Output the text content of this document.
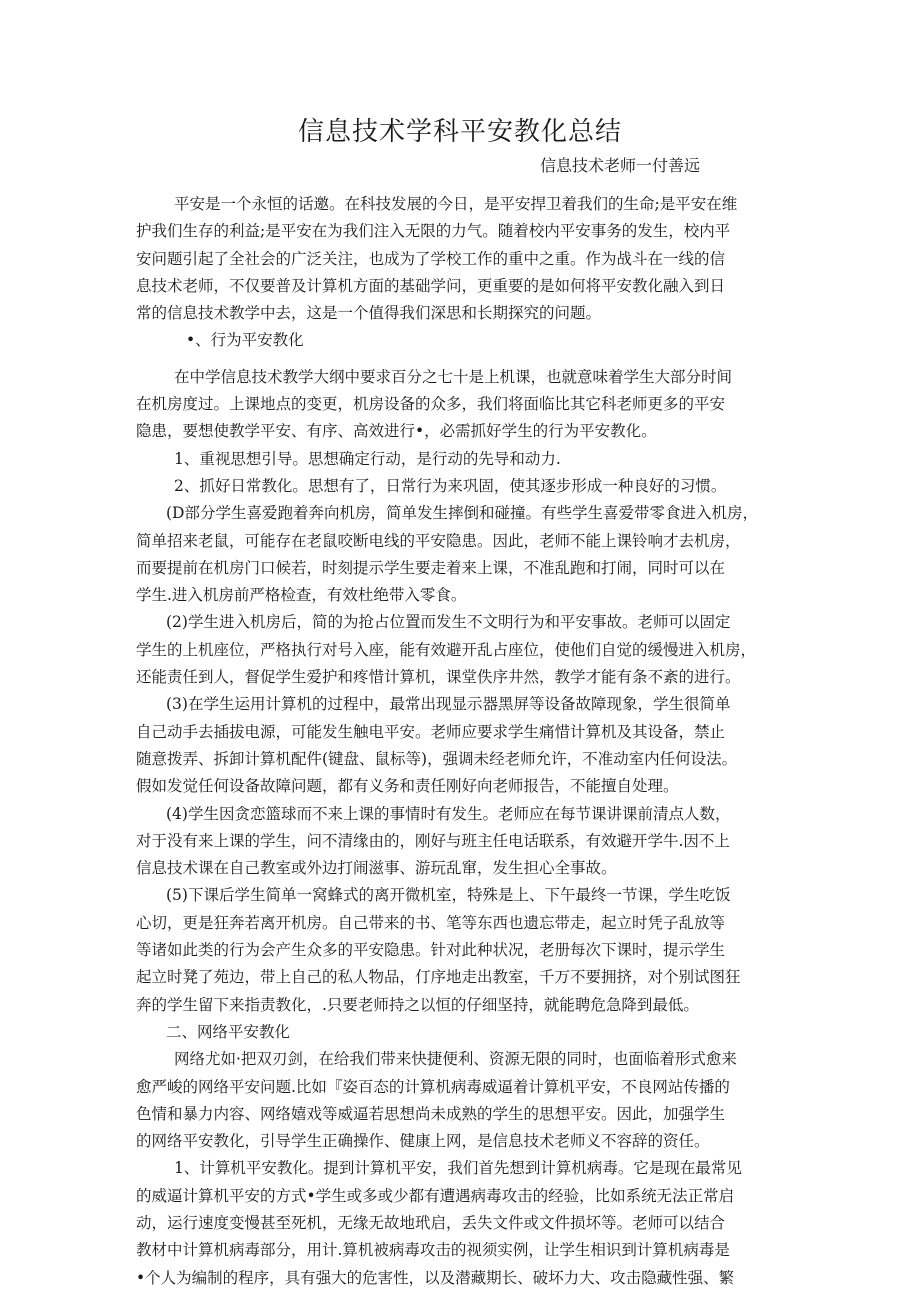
信息技术学科平安教化总结
信息技术老师一付善远
平安是一个永恒的话邀。在科技发展的今日，是平安捍卫着我们的生命;是平安在维
护我们生存的利益;是平安在为我们注入无限的力气。随着校内平安事务的发生，校内平
安问题引起了全社会的广泛关注，也成为了学校工作的重中之重。作为战斗在一线的信
息技术老师，不仅要普及计算机方面的基础学问，更重要的是如何将平安教化融入到日
常的信息技术教学中去，这是一个值得我们深思和长期探究的问题。
•、行为平安教化
在中学信息技术教学大纲中要求百分之七十是上机课，也就意味着学生大部分时间
在机房度过。上课地点的变更，机房设备的众多，我们将面临比其它科老师更多的平安
隐患，要想使教学平安、有序、高效进行•，必需抓好学生的行为平安教化。
1、重视思想引导。思想确定行动，是行动的先导和动力.
2、抓好日常教化。思想有了，日常行为来巩固，使其逐步形成一种良好的习惯。
(D部分学生喜爱跑着奔向机房，简单发生摔倒和碰撞。有些学生喜爱带零食进入机房，
简单招来老鼠，可能存在老鼠咬断电线的平安隐患。因此，老师不能上课铃响才去机房，
而要提前在机房门口候若，时刻提示学生要走着来上课，不准乱跑和打闹，同时可以在
学生.进入机房前严格检查，有效杜绝带入零食。
(2)学生进入机房后，简的为抢占位置而发生不文明行为和平安事故。老师可以固定
学生的上机座位，严格执行对号入座，能有效避开乱占座位，使他们自觉的缓慢进入机房，
还能责任到人，督促学生爱护和疼惜计算机，课堂佚序井然，教学才能有条不紊的进行。
(3)在学生运用计算机的过程中，最常出现显示器黑屏等设备故障现象，学生很简单
自己动手去插拔电源，可能发生触电平安。老师应要求学生痛惜计算机及其设备，禁止
随意拨弄、拆卸计算机配件(键盘、鼠标等)，强调未经老师允许，不准动室内任何设法。
假如发觉任何设备故障问题，都有义务和责任刚好向老师报告，不能擅自处理。
(4)学生因贪恋篮球而不来上课的事情时有发生。老师应在每节课讲课前清点人数，
对于没有来上课的学生，问不清缘由的，刚好与班主任电话联系，有效避开学牛.因不上
信息技术课在自己教室或外边打闹滋事、游玩乱窜，发生担心全事故。
(5)下课后学生简单一窝蜂式的离开微机室，特殊是上、下午最终一节课，学生吃饭
心切，更是狂奔若离开机房。自己带来的书、笔等东西也遗忘带走，起立时凭子乱放等
等诸如此类的行为会产生众多的平安隐患。针对此种状况，老册每次下课时，提示学生
起立时凳了苑边，带上自己的私人物品，仃序地走出教室，千万不要拥挤，对个别试图狂
奔的学生留下来指责教化，.只要老师持之以恒的仔细坚持，就能聘危急降到最低。
二、网络平安教化
网络尤如·把双刃剑，在给我们带来快捷便利、资源无限的同时，也面临着形式愈来
愈严峻的网络平安问题.比如『姿百态的计算机病毒威逼着计算机平安，不良网站传播的
色情和暴力内容、网络嬉戏等威逼若思想尚未成熟的学生的思想平安。因此，加强学生
的网络平安教化，引导学生正确操作、健康上网，是信息技术老师义不容辞的资任。
1、计算机平安教化。提到计算机平安，我们首先想到计算机病毒。它是现在最常见
的威逼计算机平安的方式•学生或多或少都有遭遇病毒攻击的经验，比如系统无法正常启
动，运行速度变慢甚至死机，无缘无故地玳启，丢失文件或文件损坏等。老师可以结合
教材中计算机病毒部分，用计.算机被病毒攻击的视须实例，让学生相识到计算机病毒是
•个人为编制的程序，具有强大的危害性，以及潜藏期长、破坏力大、攻击隐藏性强、繁
